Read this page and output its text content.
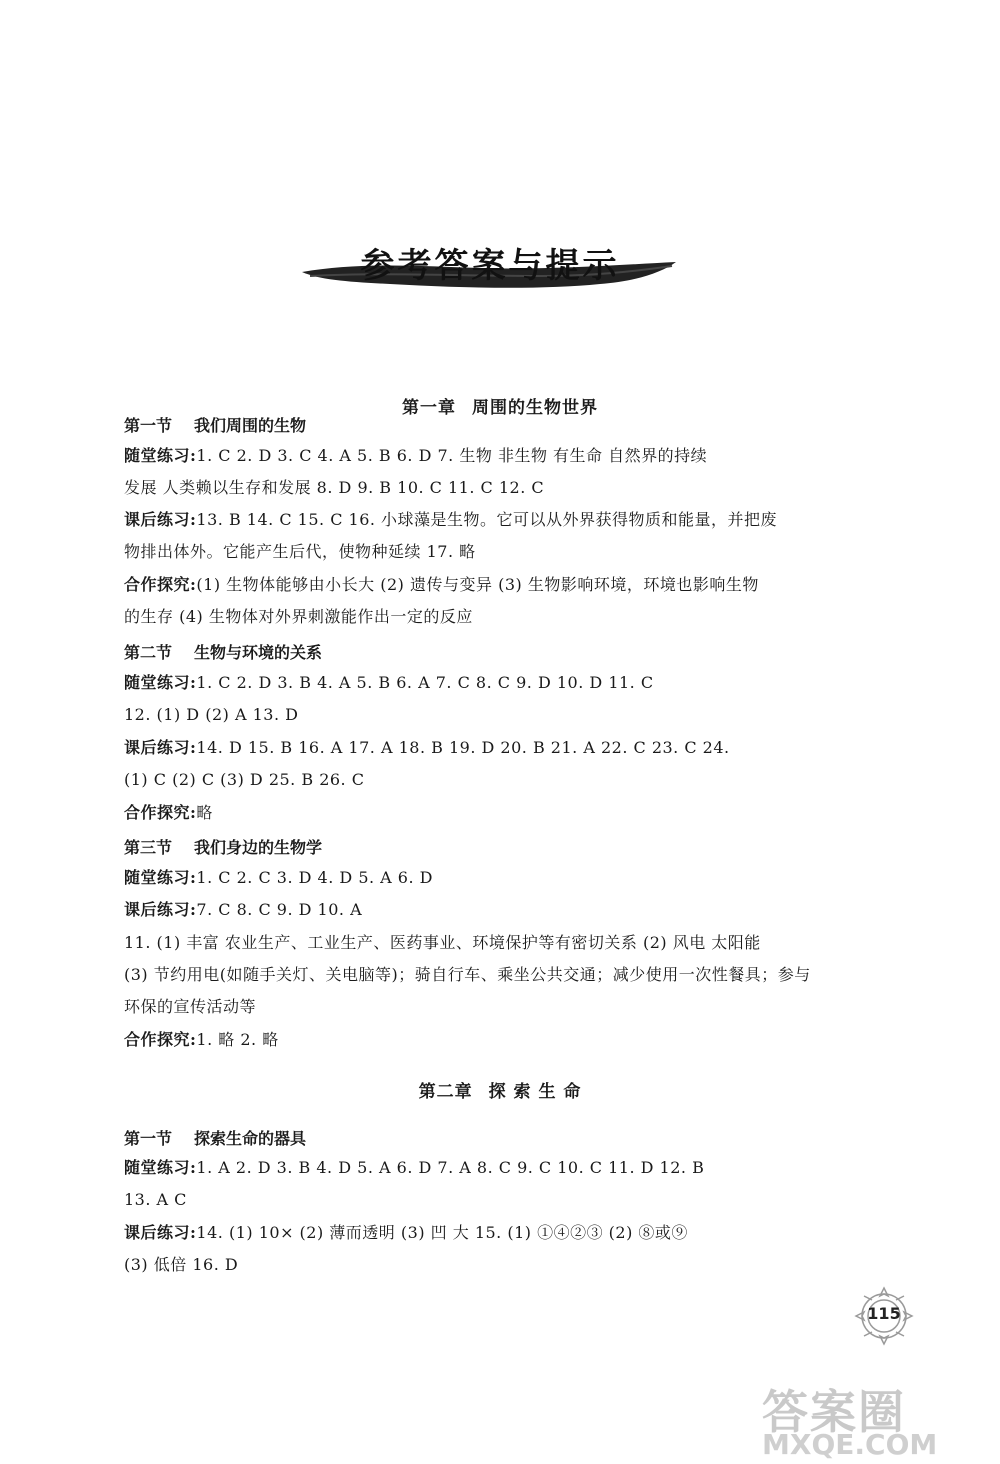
参考答案与提示
第一章 周围的生物世界
第一节 我们周围的生物
随堂练习:1. C 2. D 3. C 4. A 5. B 6. D 7. 生物 非生物 有生命 自然界的持续
发展 人类赖以生存和发展 8. D 9. B 10. C 11. C 12. C
课后练习:13. B 14. C 15. C 16. 小球藻是生物。它可以从外界获得物质和能量，并把废
物排出体外。它能产生后代，使物种延续 17. 略
合作探究:(1) 生物体能够由小长大 (2) 遗传与变异 (3) 生物影响环境，环境也影响生物
的生存 (4) 生物体对外界刺激能作出一定的反应
第二节 生物与环境的关系
随堂练习:1. C 2. D 3. B 4. A 5. B 6. A 7. C 8. C 9. D 10. D 11. C
12. (1) D (2) A 13. D
课后练习:14. D 15. B 16. A 17. A 18. B 19. D 20. B 21. A 22. C 23. C 24.
(1) C (2) C (3) D 25. B 26. C
合作探究:略
第三节 我们身边的生物学
随堂练习:1. C 2. C 3. D 4. D 5. A 6. D
课后练习:7. C 8. C 9. D 10. A
11. (1) 丰富 农业生产、工业生产、医药事业、环境保护等有密切关系 (2) 风电 太阳能
(3) 节约用电(如随手关灯、关电脑等)；骑自行车、乘坐公共交通；减少使用一次性餐具；参与
环保的宣传活动等
合作探究:1. 略 2. 略
第二章 探 索 生 命
第一节 探索生命的器具
随堂练习:1. A 2. D 3. B 4. D 5. A 6. D 7. A 8. C 9. C 10. C 11. D 12. B
13. A C
课后练习:14. (1) 10× (2) 薄而透明 (3) 凹 大 15. (1) ①④②③ (2) ⑧或⑨
(3) 低倍 16. D
115
答案圈
MXQE.COM
